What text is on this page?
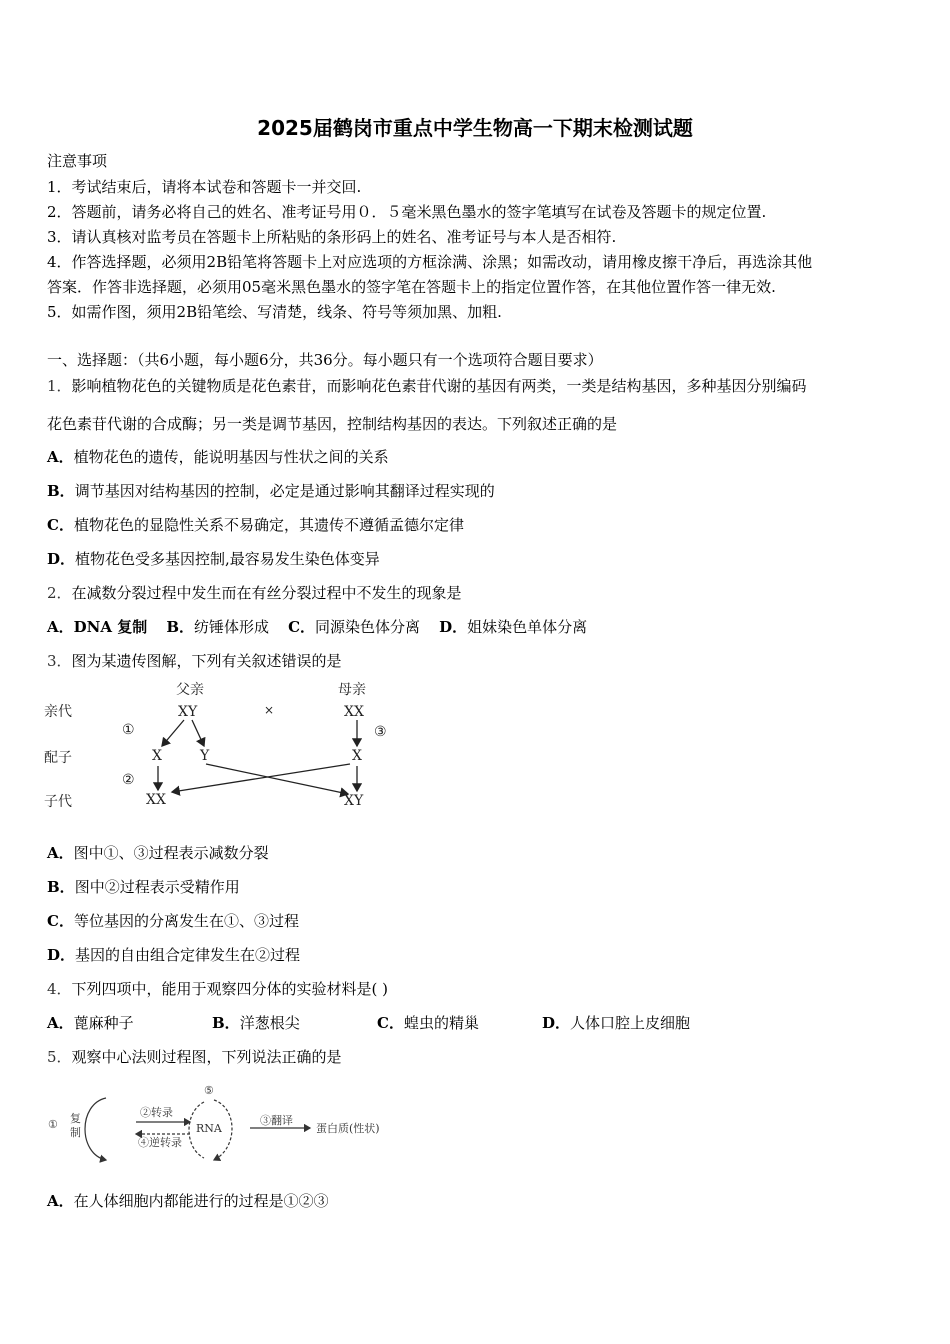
2025届鹤岗市重点中学生物高一下期末检测试题
注意事项
1．考试结束后，请将本试卷和答题卡一并交回.
2．答题前，请务必将自己的姓名、准考证号用０．５毫米黑色墨水的签字笔填写在试卷及答题卡的规定位置.
3．请认真核对监考员在答题卡上所粘贴的条形码上的姓名、准考证号与本人是否相符.
4．作答选择题，必须用2B铅笔将答题卡上对应选项的方框涂满、涂黑；如需改动，请用橡皮擦干净后，再选涂其他
答案．作答非选择题，必须用05毫米黑色墨水的签字笔在答题卡上的指定位置作答，在其他位置作答一律无效.
5．如需作图，须用2B铅笔绘、写清楚，线条、符号等须加黑、加粗.
一、选择题：（共6小题，每小题6分，共36分。每小题只有一个选项符合题目要求）
1．影响植物花色的关键物质是花色素苷，而影响花色素苷代谢的基因有两类，一类是结构基因，多种基因分别编码
花色素苷代谢的合成酶；另一类是调节基因，控制结构基因的表达。下列叙述正确的是
A．植物花色的遗传，能说明基因与性状之间的关系
B．调节基因对结构基因的控制，必定是通过影响其翻译过程实现的
C．植物花色的显隐性关系不易确定，其遗传不遵循孟德尔定律
D．植物花色受多基因控制,最容易发生染色体变异
2．在减数分裂过程中发生而在有丝分裂过程中不发生的现象是
A．DNA 复制 B．纺锤体形成 C．同源染色体分离 D．姐妹染色单体分离
3．图为某遗传图解，下列有关叙述错误的是
亲代
配子
子代
父亲	母亲
XY	×	XX
①	③
X	Y	X
②
XX	XY
A．图中①、③过程表示减数分裂
B．图中②过程表示受精作用
C．等位基因的分离发生在①、③过程
D．基因的自由组合定律发生在②过程
4．下列四项中，能用于观察四分体的实验材料是( )
A．蓖麻种子	B．洋葱根尖	C．蝗虫的精巢	D．人体口腔上皮细胞
5．观察中心法则过程图，下列说法正确的是
① 复
制
②转录
④逆转录
⑤
RNA
③翻译
蛋白质(性状)
A．在人体细胞内都能进行的过程是①②③
